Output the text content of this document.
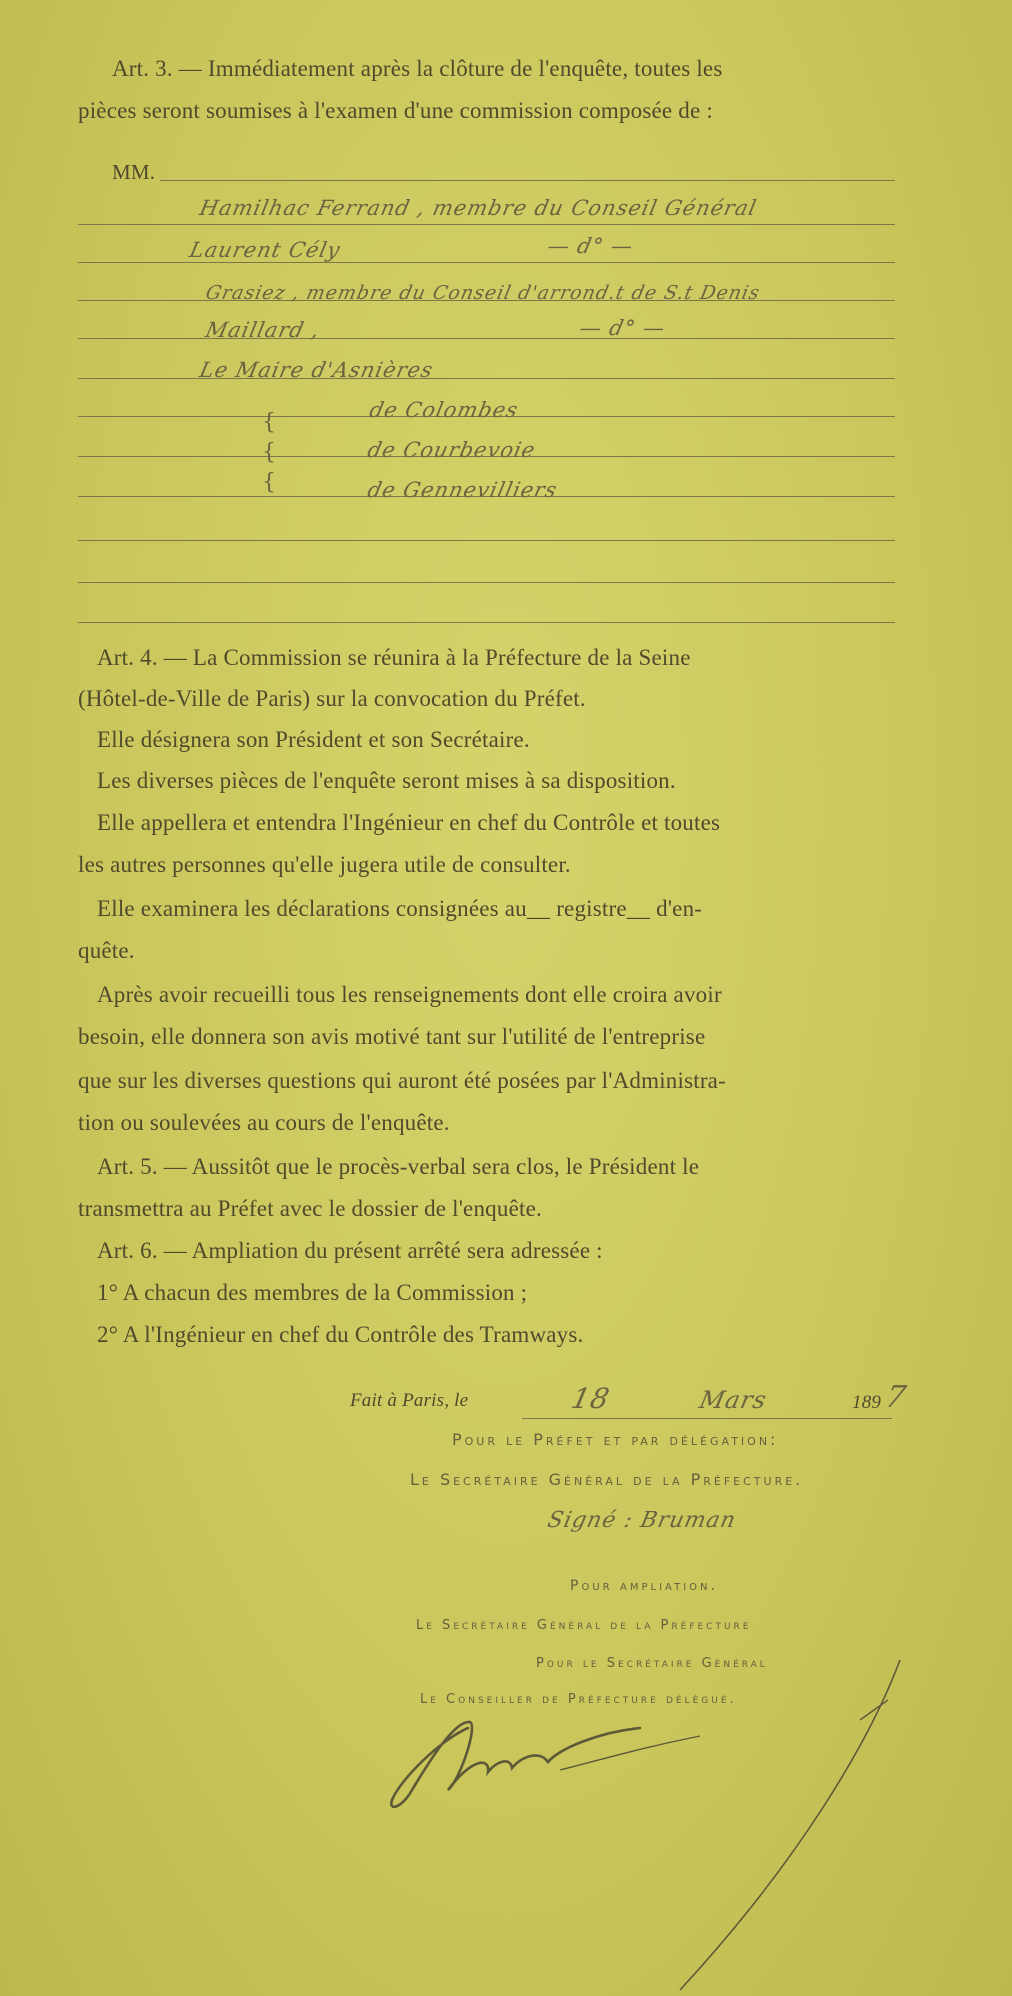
Art. 3. — Immédiatement après la clôture de l'enquête, toutes les
pièces seront soumises à l'examen d'une commission composée de :
MM.
Hamilhac Ferrand , membre du Conseil Général
Laurent Cély	— d° —
Grasiez , membre du Conseil d'arrond.t de S.t Denis
Maillard ,	— d° —
Le Maire d'Asnières
de Colombes
de Courbevoie
de Gennevilliers
{
{
{
Art. 4. — La Commission se réunira à la Préfecture de la Seine
(Hôtel-de-Ville de Paris) sur la convocation du Préfet.
Elle désignera son Président et son Secrétaire.
Les diverses pièces de l'enquête seront mises à sa disposition.
Elle appellera et entendra l'Ingénieur en chef du Contrôle et toutes
les autres personnes qu'elle jugera utile de consulter.
Elle examinera les déclarations consignées au__ registre__ d'en-
quête.
Après avoir recueilli tous les renseignements dont elle croira avoir
besoin, elle donnera son avis motivé tant sur l'utilité de l'entreprise
que sur les diverses questions qui auront été posées par l'Administra-
tion ou soulevées au cours de l'enquête.
Art. 5. — Aussitôt que le procès-verbal sera clos, le Président le
transmettra au Préfet avec le dossier de l'enquête.
Art. 6. — Ampliation du présent arrêté sera adressée :
1° A chacun des membres de la Commission ;
2° A l'Ingénieur en chef du Contrôle des Tramways.
Fait à Paris, le	18	Mars	189 7
Pour le Préfet et par délégation:
Le Secrétaire Général de la Préfecture.
Signé : Bruman
Pour ampliation.
Le Secrétaire Général de la Préfecture
Pour le Secrétaire Général
Le Conseiller de Préfecture délégué.
